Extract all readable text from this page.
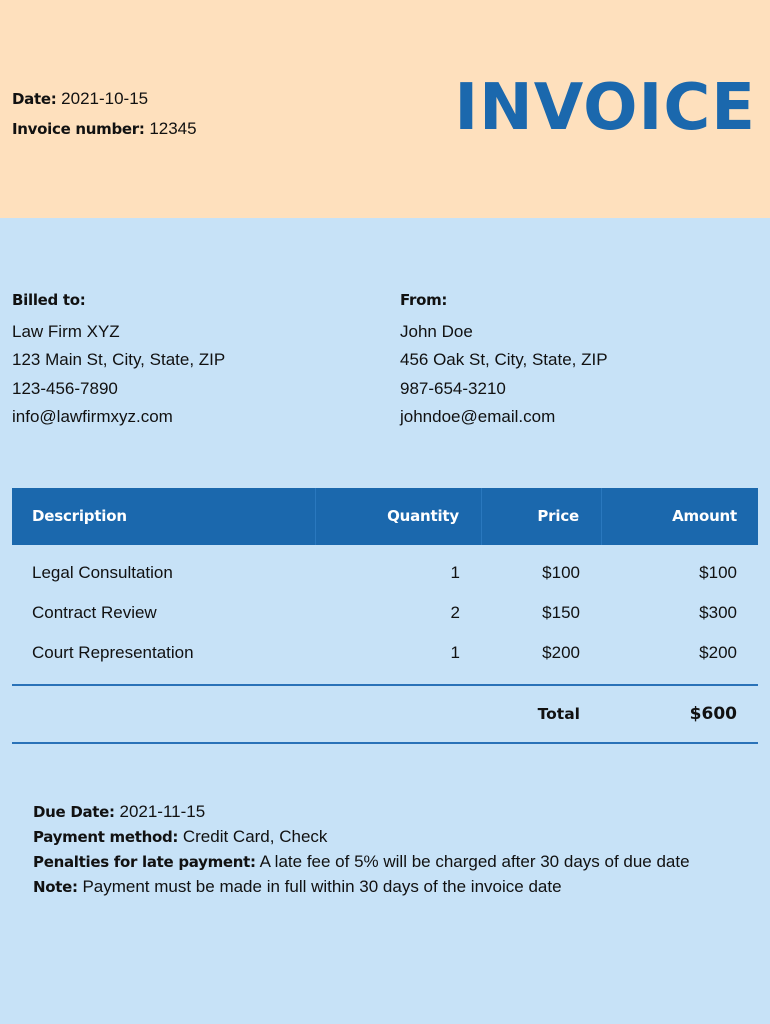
Date: 2021-10-15
Invoice number: 12345	INVOICE
Billed to:
Law Firm XYZ
123 Main St, City, State, ZIP
123-456-7890
info@lawfirmxyz.com
From:
John Doe
456 Oak St, City, State, ZIP
987-654-3210
johndoe@email.com
Description	Quantity	Price	Amount
Legal Consultation	1	$100	$100
Contract Review	2	$150	$300
Court Representation	1	$200	$200
Total	$600

Due Date: 2021-11-15

Payment method: Credit Card, Check

Penalties for late payment: A late fee of 5% will be charged after 30 days of due date

Note: Payment must be made in full within 30 days of the invoice date
